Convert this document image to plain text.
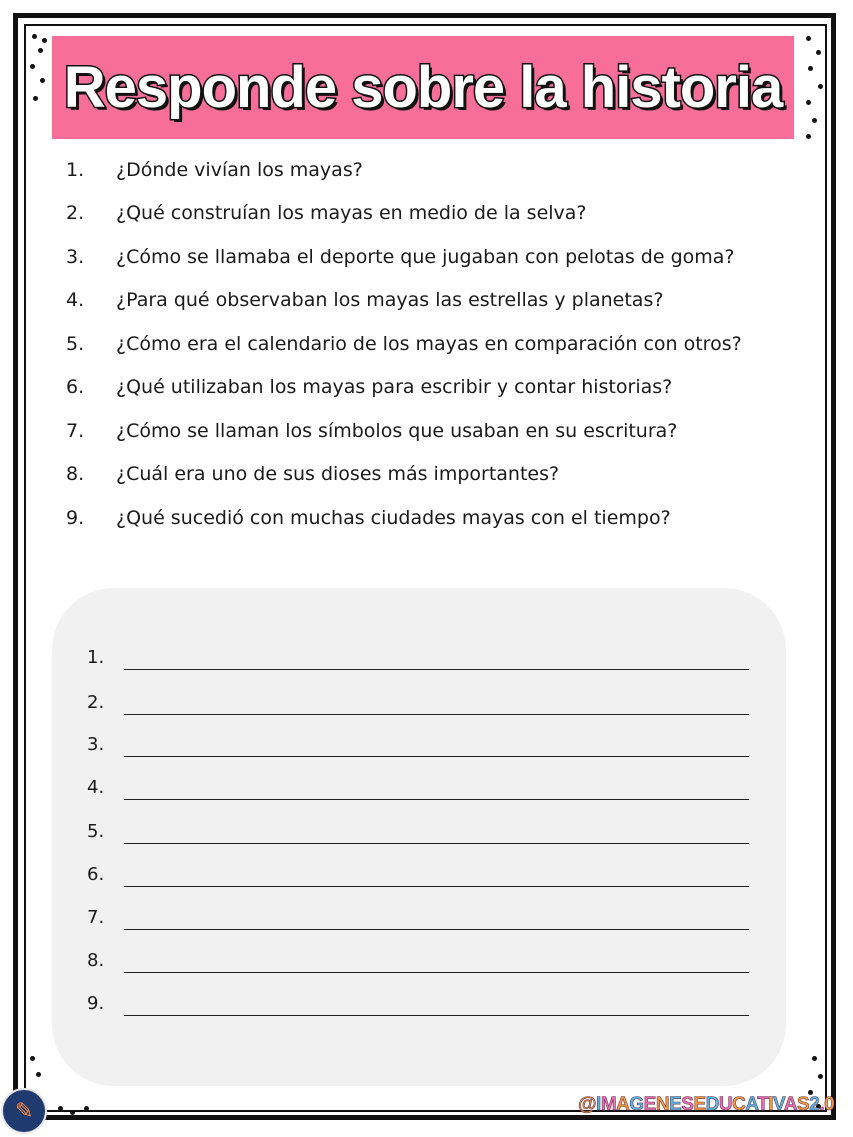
Responde sobre la historia
1.	¿Dónde vivían los mayas?
2.	¿Qué construían los mayas en medio de la selva?
3.	¿Cómo se llamaba el deporte que jugaban con pelotas de goma?
4.	¿Para qué observaban los mayas las estrellas y planetas?
5.	¿Cómo era el calendario de los mayas en comparación con otros?
6.	¿Qué utilizaban los mayas para escribir y contar historias?
7.	¿Cómo se llaman los símbolos que usaban en su escritura?
8.	¿Cuál era uno de sus dioses más importantes?
9.	¿Qué sucedió con muchas ciudades mayas con el tiempo?
1.
2.
3.
4.
5.
6.
7.
8.
9.
✎	@IMAGENESEDUCATIVAS2.0
